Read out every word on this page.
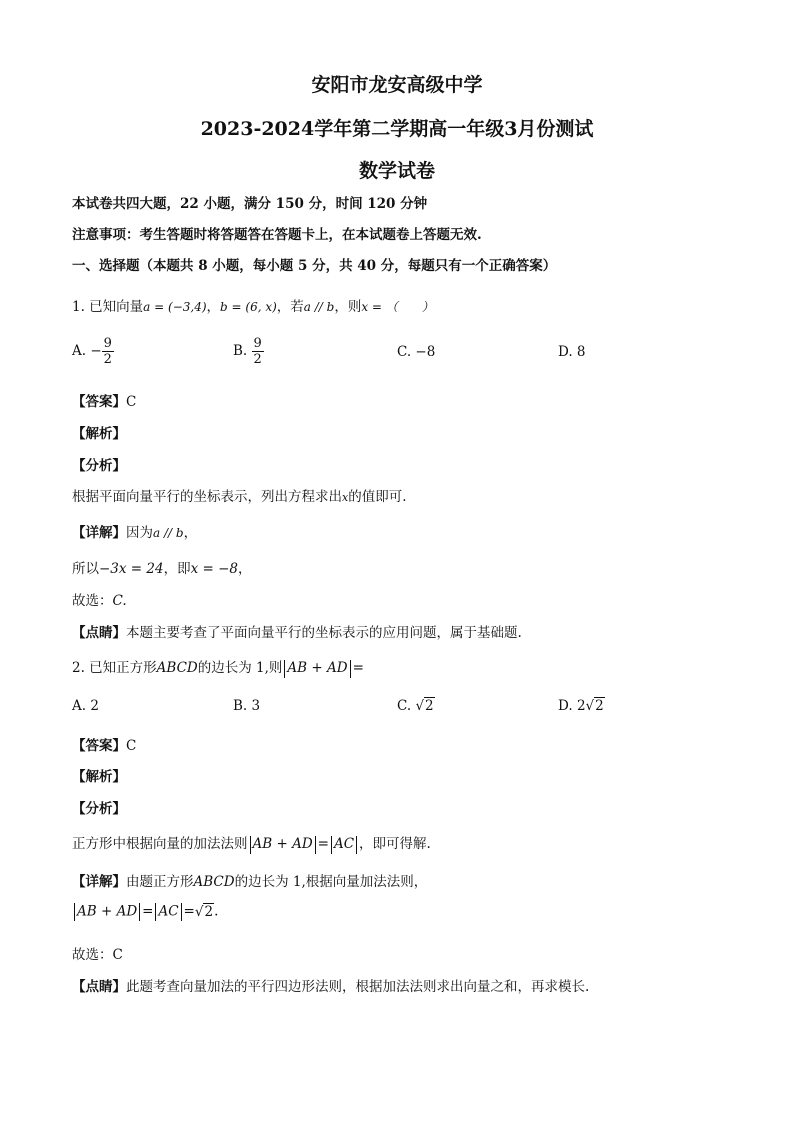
安阳市龙安高级中学
2023-2024学年第二学期高一年级3月份测试
数学试卷
本试卷共四大题，22 小题，满分 150 分，时间 120 分钟
注意事项：考生答题时将答题答在答题卡上，在本试题卷上答题无效.
一、选择题（本题共 8 小题，每小题 5 分，共 40 分，每题只有一个正确答案）
1. 已知向量a = (−3,4)，b = (6, x)，若a // b，则x = （　　）
A. − $\frac{9}{2}$	B. $\frac{9}{2}$	C. −8	D. 8
【答案】C
【解析】
【分析】
根据平面向量平行的坐标表示，列出方程求出x的值即可.
【详解】因为a // b，
所以−3x = 24，即x = −8，
故选：C.
【点睛】本题主要考查了平面向量平行的坐标表示的应用问题，属于基础题.
2. 已知正方形ABCD的边长为 1,则 AB + AD =
A. 2	B. 3	C. √2	D. 2√2
【答案】C
【解析】
【分析】
正方形中根据向量的加法法则 AB + AD = AC ，即可得解.
【详解】由题正方形ABCD的边长为 1,根据向量加法法则，
AB + AD = AC =√2.
故选：C
【点睛】此题考查向量加法的平行四边形法则，根据加法法则求出向量之和，再求模长.
